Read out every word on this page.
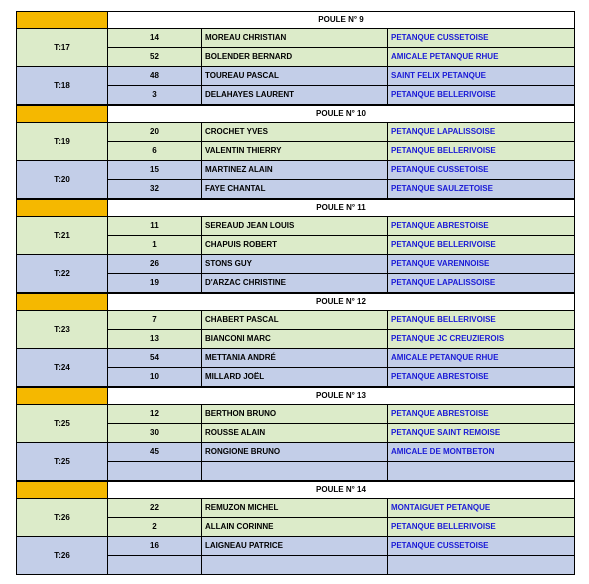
POULE N° 9
T:17
14	MOREAU CHRISTIAN	PETANQUE CUSSETOISE
52	BOLENDER BERNARD	AMICALE PETANQUE RHUE
T:18
48	TOUREAU PASCAL	SAINT FELIX PETANQUE
3	DELAHAYES LAURENT	PETANQUE BELLERIVOISE
POULE N° 10
T:19
20	CROCHET YVES	PETANQUE LAPALISSOISE
6	VALENTIN THIERRY	PETANQUE BELLERIVOISE
T:20
15	MARTINEZ ALAIN	PETANQUE CUSSETOISE
32	FAYE CHANTAL	PETANQUE SAULZETOISE
POULE N° 11
T:21
11	SEREAUD JEAN LOUIS	PETANQUE ABRESTOISE
1	CHAPUIS ROBERT	PETANQUE BELLERIVOISE
T:22
26	STONS GUY	PETANQUE VARENNOISE
19	D'ARZAC CHRISTINE	PETANQUE LAPALISSOISE
POULE N° 12
T:23
7	CHABERT PASCAL	PETANQUE BELLERIVOISE
13	BIANCONI MARC	PETANQUE JC CREUZIEROIS
T:24
54	METTANIA ANDRÉ	AMICALE PETANQUE RHUE
10	MILLARD JOËL	PETANQUE ABRESTOISE
POULE N° 13
T:25
12	BERTHON BRUNO	PETANQUE ABRESTOISE
30	ROUSSE ALAIN	PETANQUE SAINT REMOISE
T:25
45	RONGIONE BRUNO	AMICALE DE MONTBETON
POULE N° 14
T:26
22	REMUZON MICHEL	MONTAIGUET PETANQUE
2	ALLAIN CORINNE	PETANQUE BELLERIVOISE
T:26
16	LAIGNEAU PATRICE	PETANQUE CUSSETOISE
